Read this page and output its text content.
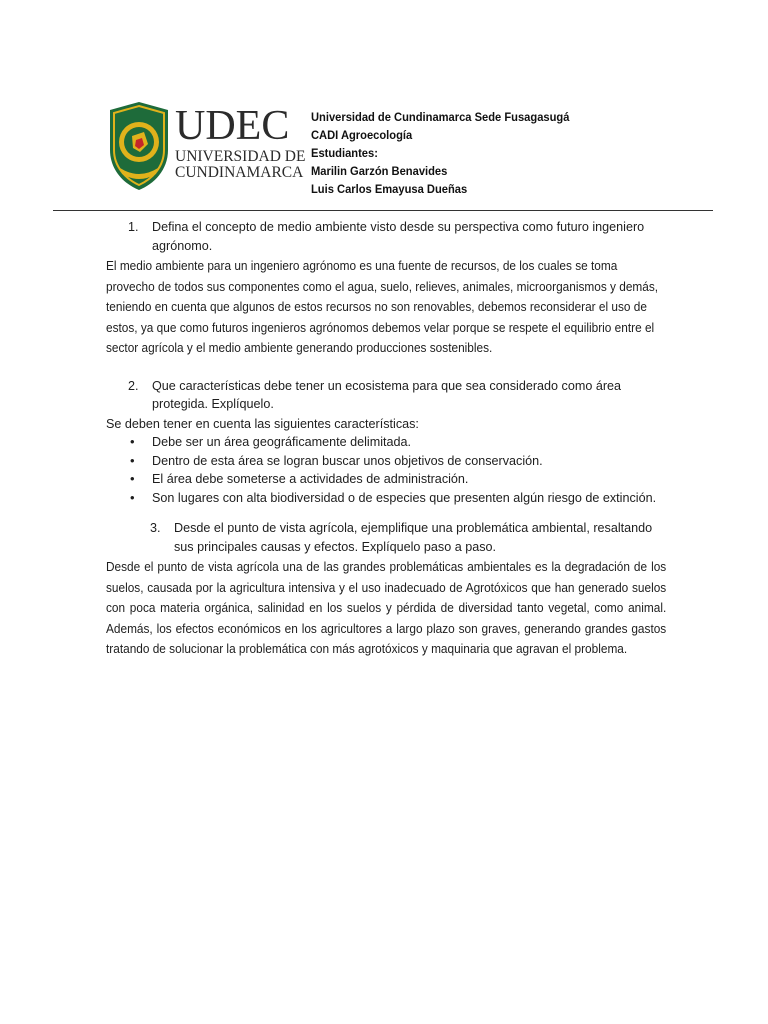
UDEC
UNIVERSIDAD DE
CUNDINAMARCA
Universidad de Cundinamarca Sede Fusagasugá
CADI Agroecología
Estudiantes:
Marilin Garzón Benavides
Luis Carlos Emayusa Dueñas
1. Defina el concepto de medio ambiente visto desde su perspectiva como futuro ingeniero agrónomo.

El medio ambiente para un ingeniero agrónomo es una fuente de recursos, de los cuales se toma provecho de todos sus componentes como el agua, suelo, relieves, animales, microorganismos y demás, teniendo en cuenta que algunos de estos recursos no son renovables, debemos reconsiderar el uso de estos, ya que como futuros ingenieros agrónomos debemos velar porque se respete el equilibrio entre el sector agrícola y el medio ambiente generando producciones sostenibles.

2. Que características debe tener un ecosistema para que sea considerado como área protegida. Explíquelo.

Se deben tener en cuenta las siguientes características:

• Debe ser un área geográficamente delimitada.
• Dentro de esta área se logran buscar unos objetivos de conservación.
• El área debe someterse a actividades de administración.
• Son lugares con alta biodiversidad o de especies que presenten algún riesgo de extinción.
3. Desde el punto de vista agrícola, ejemplifique una problemática ambiental, resaltando sus principales causas y efectos. Explíquelo paso a paso.

Desde el punto de vista agrícola una de las grandes problemáticas ambientales es la degradación de los suelos, causada por la agricultura intensiva y el uso inadecuado de Agrotóxicos que han generado suelos con poca materia orgánica, salinidad en los suelos y pérdida de diversidad tanto vegetal, como animal. Además, los efectos económicos en los agricultores a largo plazo son graves, generando grandes gastos tratando de solucionar la problemática con más agrotóxicos y maquinaria que agravan el problema.
